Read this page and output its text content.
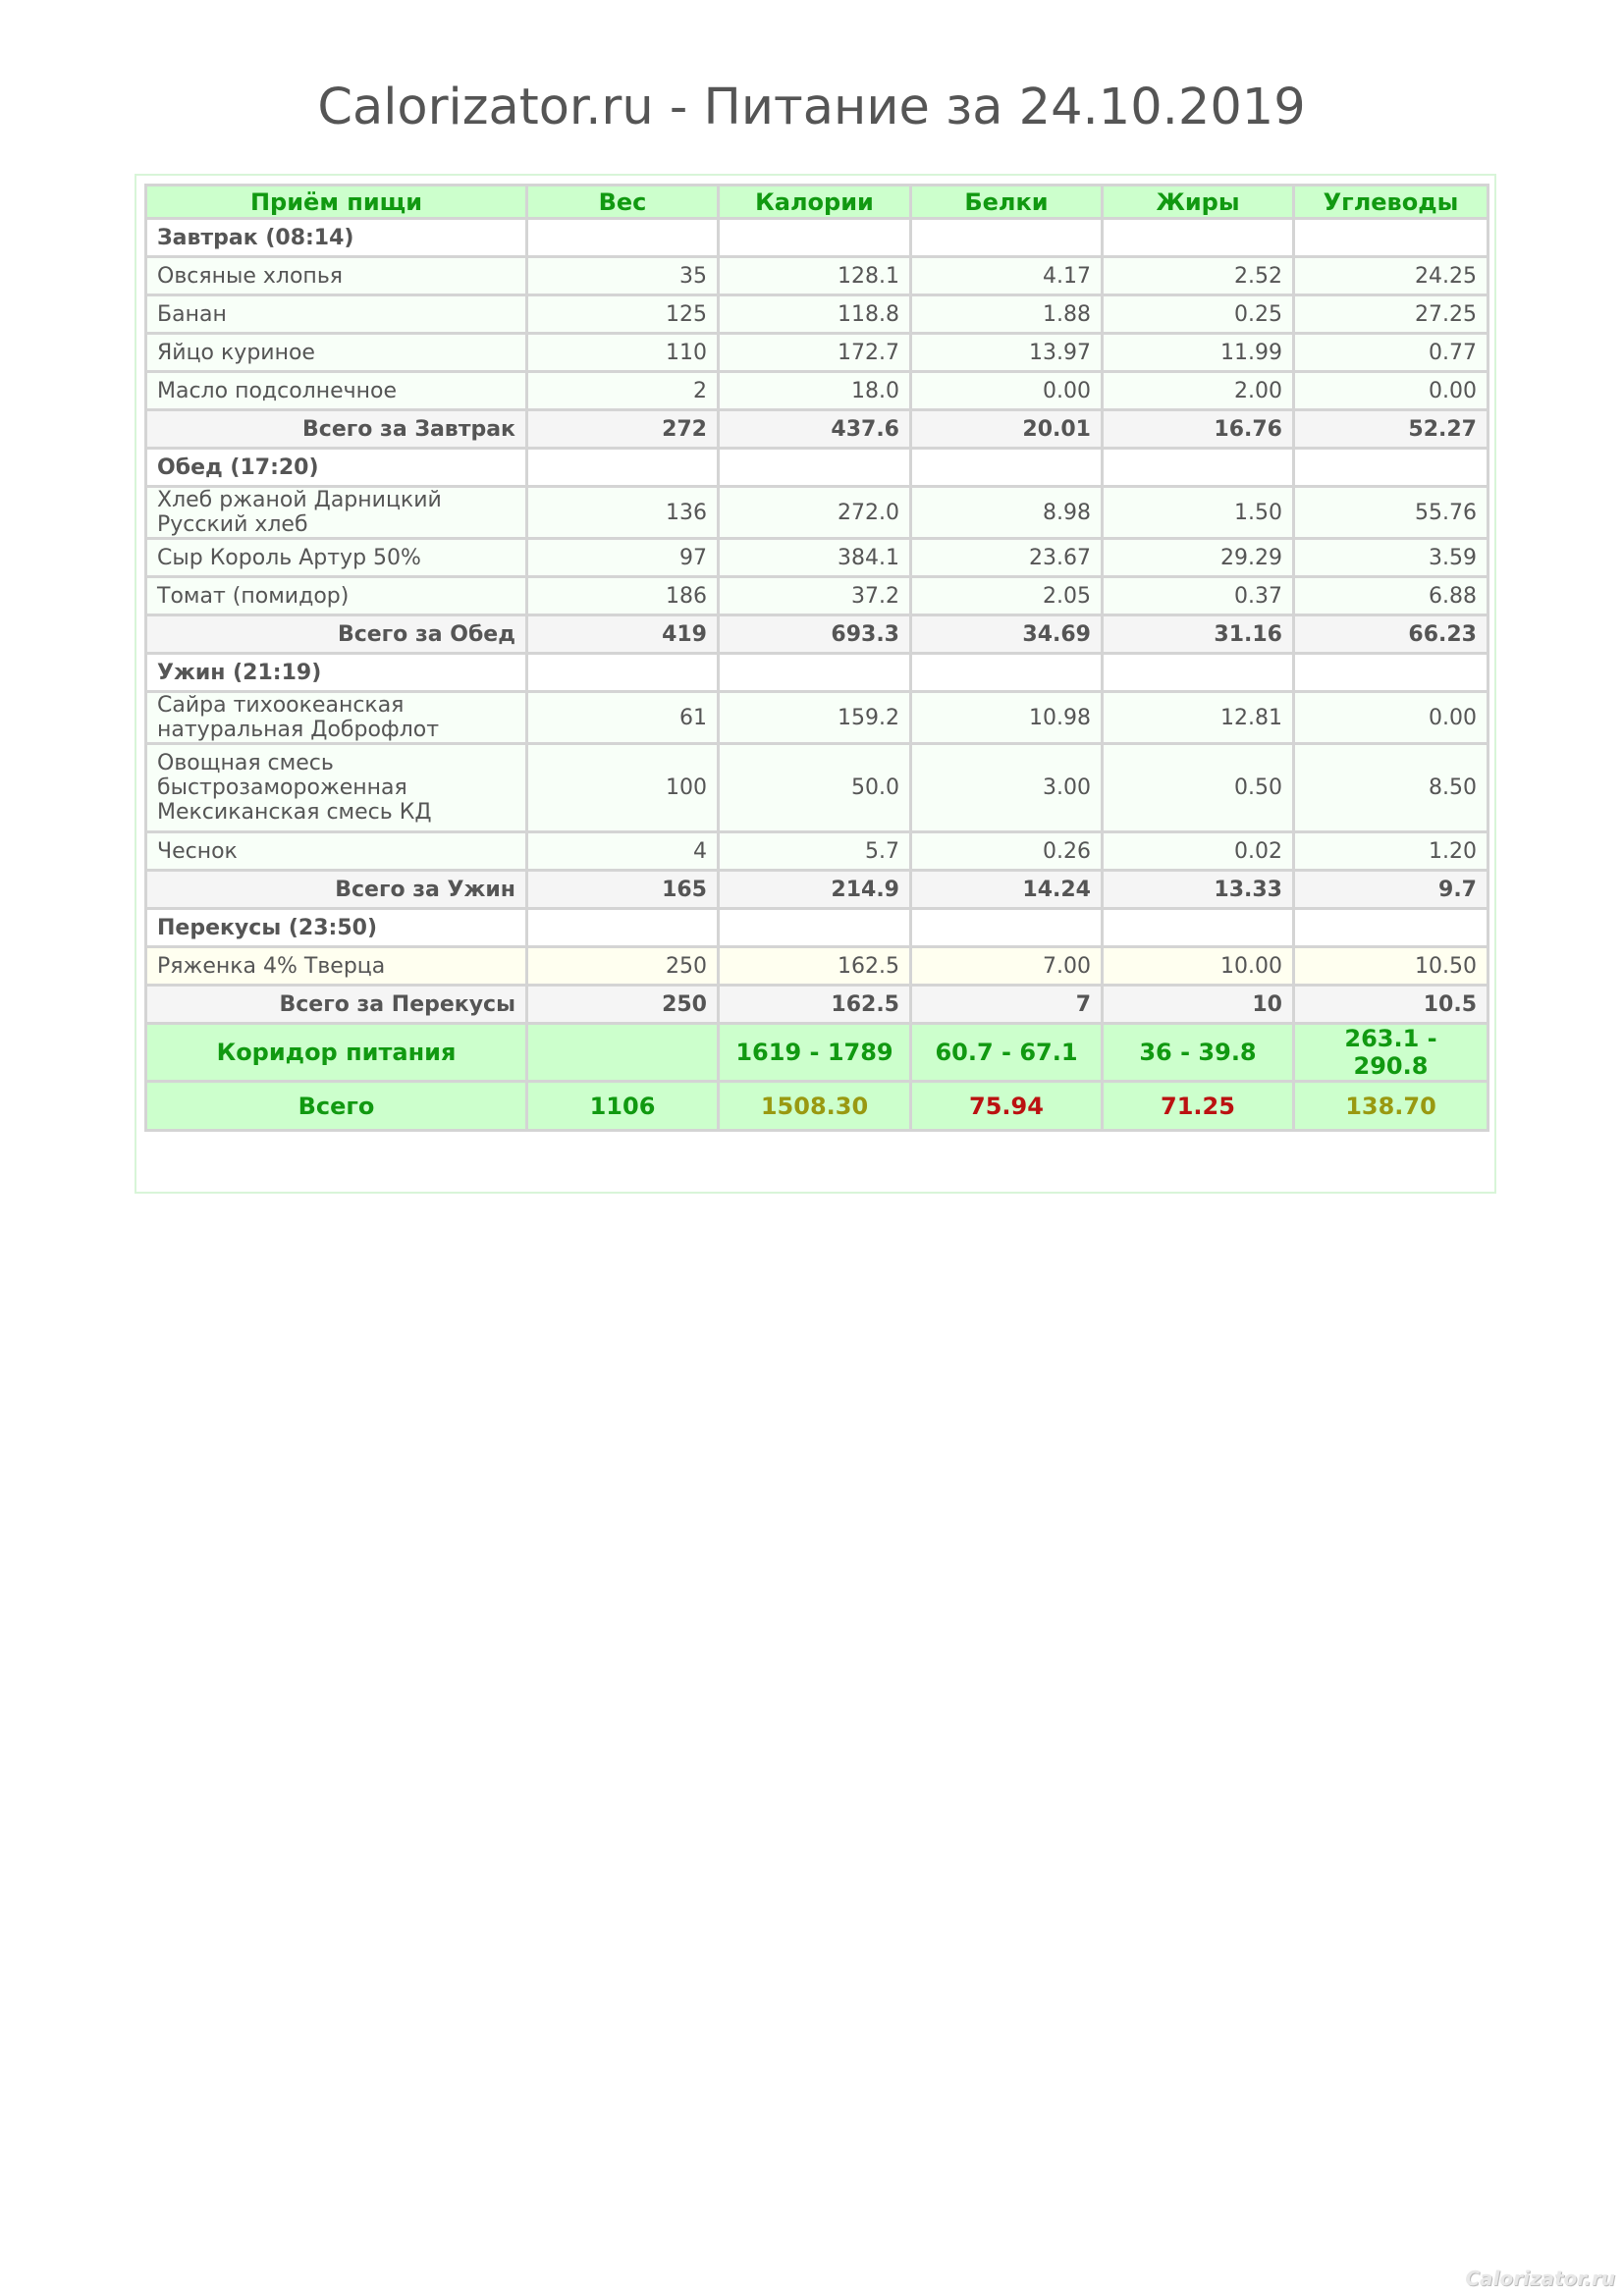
Calorizator.ru - Питание за 24.10.2019
Приём пищи	Вес	Калории	Белки	Жиры	Углеводы
Завтрак (08:14)					
Овсяные хлопья	35	128.1	4.17	2.52	24.25
Банан	125	118.8	1.88	0.25	27.25
Яйцо куриное	110	172.7	13.97	11.99	0.77
Масло подсолнечное	2	18.0	0.00	2.00	0.00
Всего за Завтрак	272	437.6	20.01	16.76	52.27
Обед (17:20)					
Хлеб ржаной Дарницкий Русский хлеб	136	272.0	8.98	1.50	55.76
Сыр Король Артур 50%	97	384.1	23.67	29.29	3.59
Томат (помидор)	186	37.2	2.05	0.37	6.88
Всего за Обед	419	693.3	34.69	31.16	66.23
Ужин (21:19)					
Сайра тихоокеанская натуральная Доброфлот	61	159.2	10.98	12.81	0.00
Овощная смесь быстрозамороженная Мексиканская смесь КД	100	50.0	3.00	0.50	8.50
Чеснок	4	5.7	0.26	0.02	1.20
Всего за Ужин	165	214.9	14.24	13.33	9.7
Перекусы (23:50)					
Ряженка 4% Тверца	250	162.5	7.00	10.00	10.50
Всего за Перекусы	250	162.5	7	10	10.5
Коридор питания		1619 - 1789	60.7 - 67.1	36 - 39.8	263.1 - 290.8
Всего	1106	1508.30	75.94	71.25	138.70
Calorizator.ru
